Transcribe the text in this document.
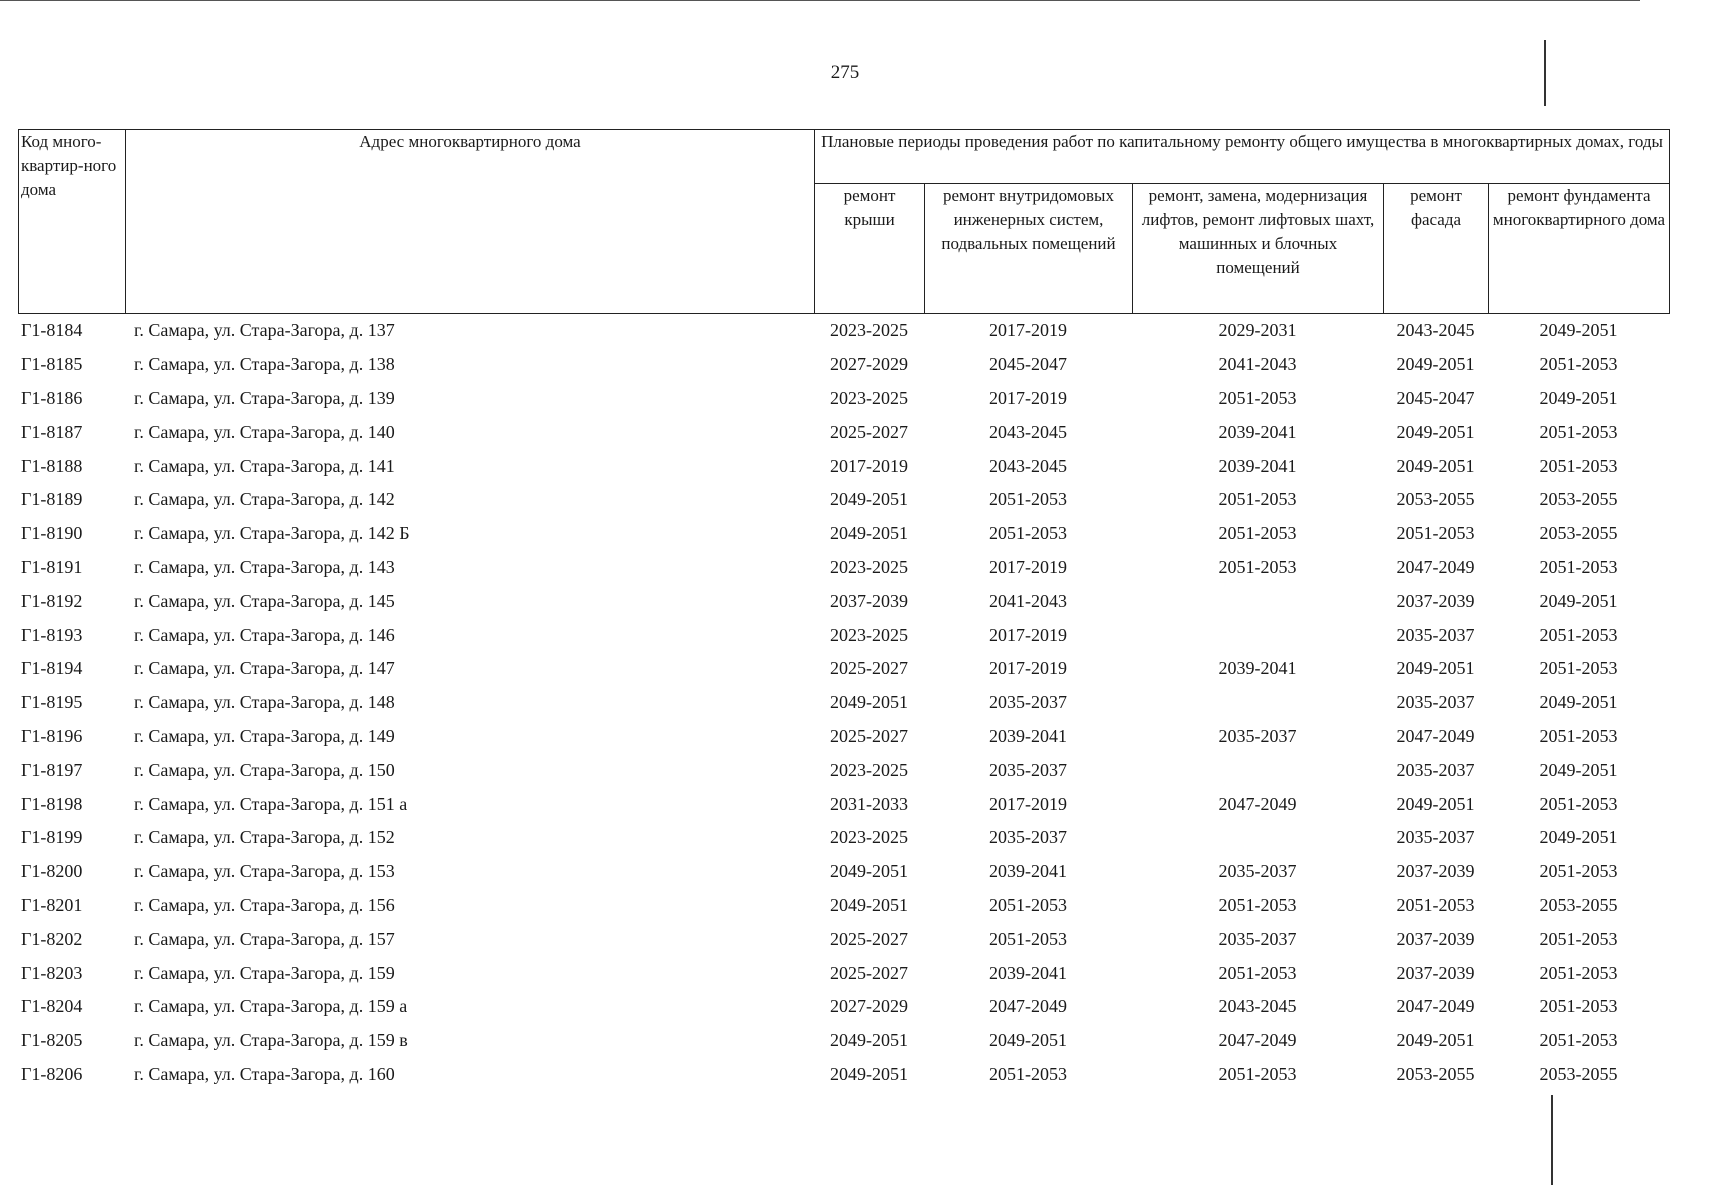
275
Код много-квартир-ного дома	Адрес многоквартирного дома	Плановые периоды проведения работ по капитальному ремонту общего имущества в многоквартирных домах, годы				
		ремонт крыши	ремонт внутридомовых инженерных систем, подвальных помещений	ремонт, замена, модернизация лифтов, ремонт лифтовых шахт, машинных и блочных помещений	ремонт фасада	ремонт фундамента многоквартирного дома
Г1-8184	г. Самара, ул. Стара-Загора, д. 137	2023-2025	2017-2019	2029-2031	2043-2045	2049-2051
Г1-8185	г. Самара, ул. Стара-Загора, д. 138	2027-2029	2045-2047	2041-2043	2049-2051	2051-2053
Г1-8186	г. Самара, ул. Стара-Загора, д. 139	2023-2025	2017-2019	2051-2053	2045-2047	2049-2051
Г1-8187	г. Самара, ул. Стара-Загора, д. 140	2025-2027	2043-2045	2039-2041	2049-2051	2051-2053
Г1-8188	г. Самара, ул. Стара-Загора, д. 141	2017-2019	2043-2045	2039-2041	2049-2051	2051-2053
Г1-8189	г. Самара, ул. Стара-Загора, д. 142	2049-2051	2051-2053	2051-2053	2053-2055	2053-2055
Г1-8190	г. Самара, ул. Стара-Загора, д. 142 Б	2049-2051	2051-2053	2051-2053	2051-2053	2053-2055
Г1-8191	г. Самара, ул. Стара-Загора, д. 143	2023-2025	2017-2019	2051-2053	2047-2049	2051-2053
Г1-8192	г. Самара, ул. Стара-Загора, д. 145	2037-2039	2041-2043		2037-2039	2049-2051
Г1-8193	г. Самара, ул. Стара-Загора, д. 146	2023-2025	2017-2019		2035-2037	2051-2053
Г1-8194	г. Самара, ул. Стара-Загора, д. 147	2025-2027	2017-2019	2039-2041	2049-2051	2051-2053
Г1-8195	г. Самара, ул. Стара-Загора, д. 148	2049-2051	2035-2037		2035-2037	2049-2051
Г1-8196	г. Самара, ул. Стара-Загора, д. 149	2025-2027	2039-2041	2035-2037	2047-2049	2051-2053
Г1-8197	г. Самара, ул. Стара-Загора, д. 150	2023-2025	2035-2037		2035-2037	2049-2051
Г1-8198	г. Самара, ул. Стара-Загора, д. 151 а	2031-2033	2017-2019	2047-2049	2049-2051	2051-2053
Г1-8199	г. Самара, ул. Стара-Загора, д. 152	2023-2025	2035-2037		2035-2037	2049-2051
Г1-8200	г. Самара, ул. Стара-Загора, д. 153	2049-2051	2039-2041	2035-2037	2037-2039	2051-2053
Г1-8201	г. Самара, ул. Стара-Загора, д. 156	2049-2051	2051-2053	2051-2053	2051-2053	2053-2055
Г1-8202	г. Самара, ул. Стара-Загора, д. 157	2025-2027	2051-2053	2035-2037	2037-2039	2051-2053
Г1-8203	г. Самара, ул. Стара-Загора, д. 159	2025-2027	2039-2041	2051-2053	2037-2039	2051-2053
Г1-8204	г. Самара, ул. Стара-Загора, д. 159 а	2027-2029	2047-2049	2043-2045	2047-2049	2051-2053
Г1-8205	г. Самара, ул. Стара-Загора, д. 159 в	2049-2051	2049-2051	2047-2049	2049-2051	2051-2053
Г1-8206	г. Самара, ул. Стара-Загора, д. 160	2049-2051	2051-2053	2051-2053	2053-2055	2053-2055
